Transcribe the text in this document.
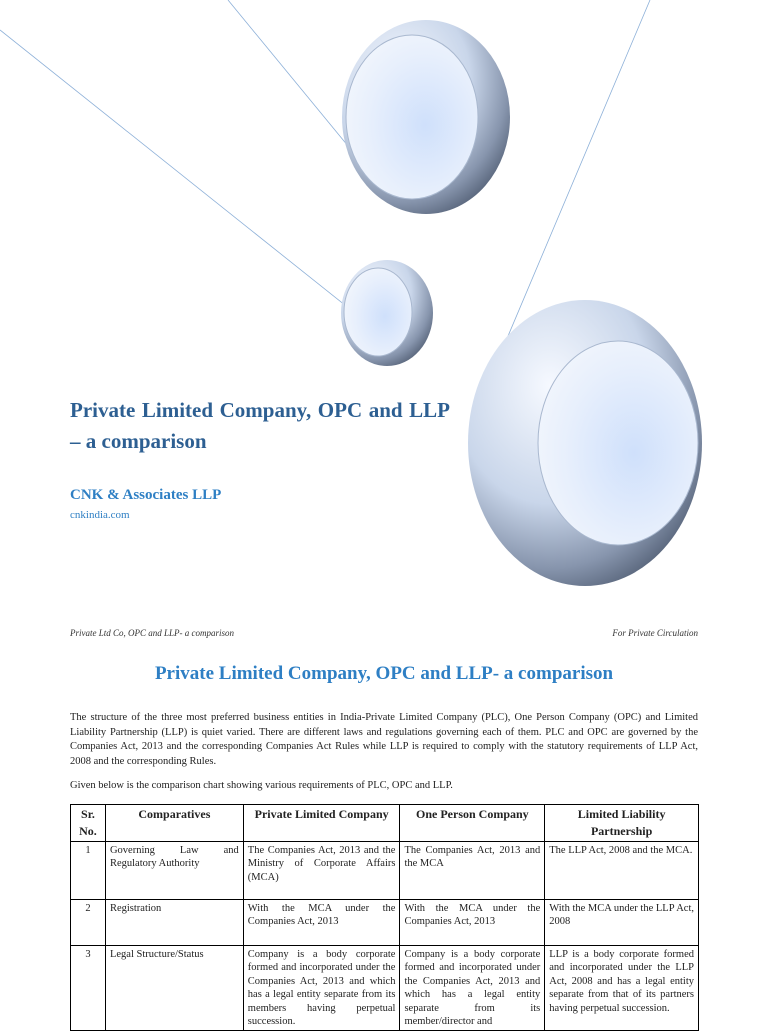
Private Limited Company, OPC and LLP – a comparison

CNK & Associates LLP

cnkindia.com

Private Ltd Co, OPC and LLP- a comparison	For Private Circulation
Private Limited Company, OPC and LLP- a comparison

The structure of the three most preferred business entities in India-Private Limited Company (PLC), One Person Company (OPC) and Limited Liability Partnership (LLP) is quiet varied. There are different laws and regulations governing each of them. PLC and OPC are governed by the Companies Act, 2013 and the corresponding Companies Act Rules while LLP is required to comply with the statutory requirements of LLP Act, 2008 and the corresponding Rules.

Given below is the comparison chart showing various requirements of PLC, OPC and LLP.

Sr. No.	Comparatives	Private Limited Company	One Person Company	Limited Liability Partnership
1	Governing Law and Regulatory Authority	The Companies Act, 2013 and the Ministry of Corporate Affairs (MCA)	The Companies Act, 2013 and the MCA	The LLP Act, 2008 and the MCA.
2	Registration	With the MCA under the Companies Act, 2013	With the MCA under the Companies Act, 2013	With the MCA under the LLP Act, 2008
3	Legal Structure/Status	Company is a body corporate formed and incorporated under the Companies Act, 2013 and which has a legal entity separate from its members having perpetual succession.	Company is a body corporate formed and incorporated under the Companies Act, 2013 and which has a legal entity separate from its member/director and	LLP is a body corporate formed and incorporated under the LLP Act, 2008 and has a legal entity separate from that of its partners having perpetual succession.
